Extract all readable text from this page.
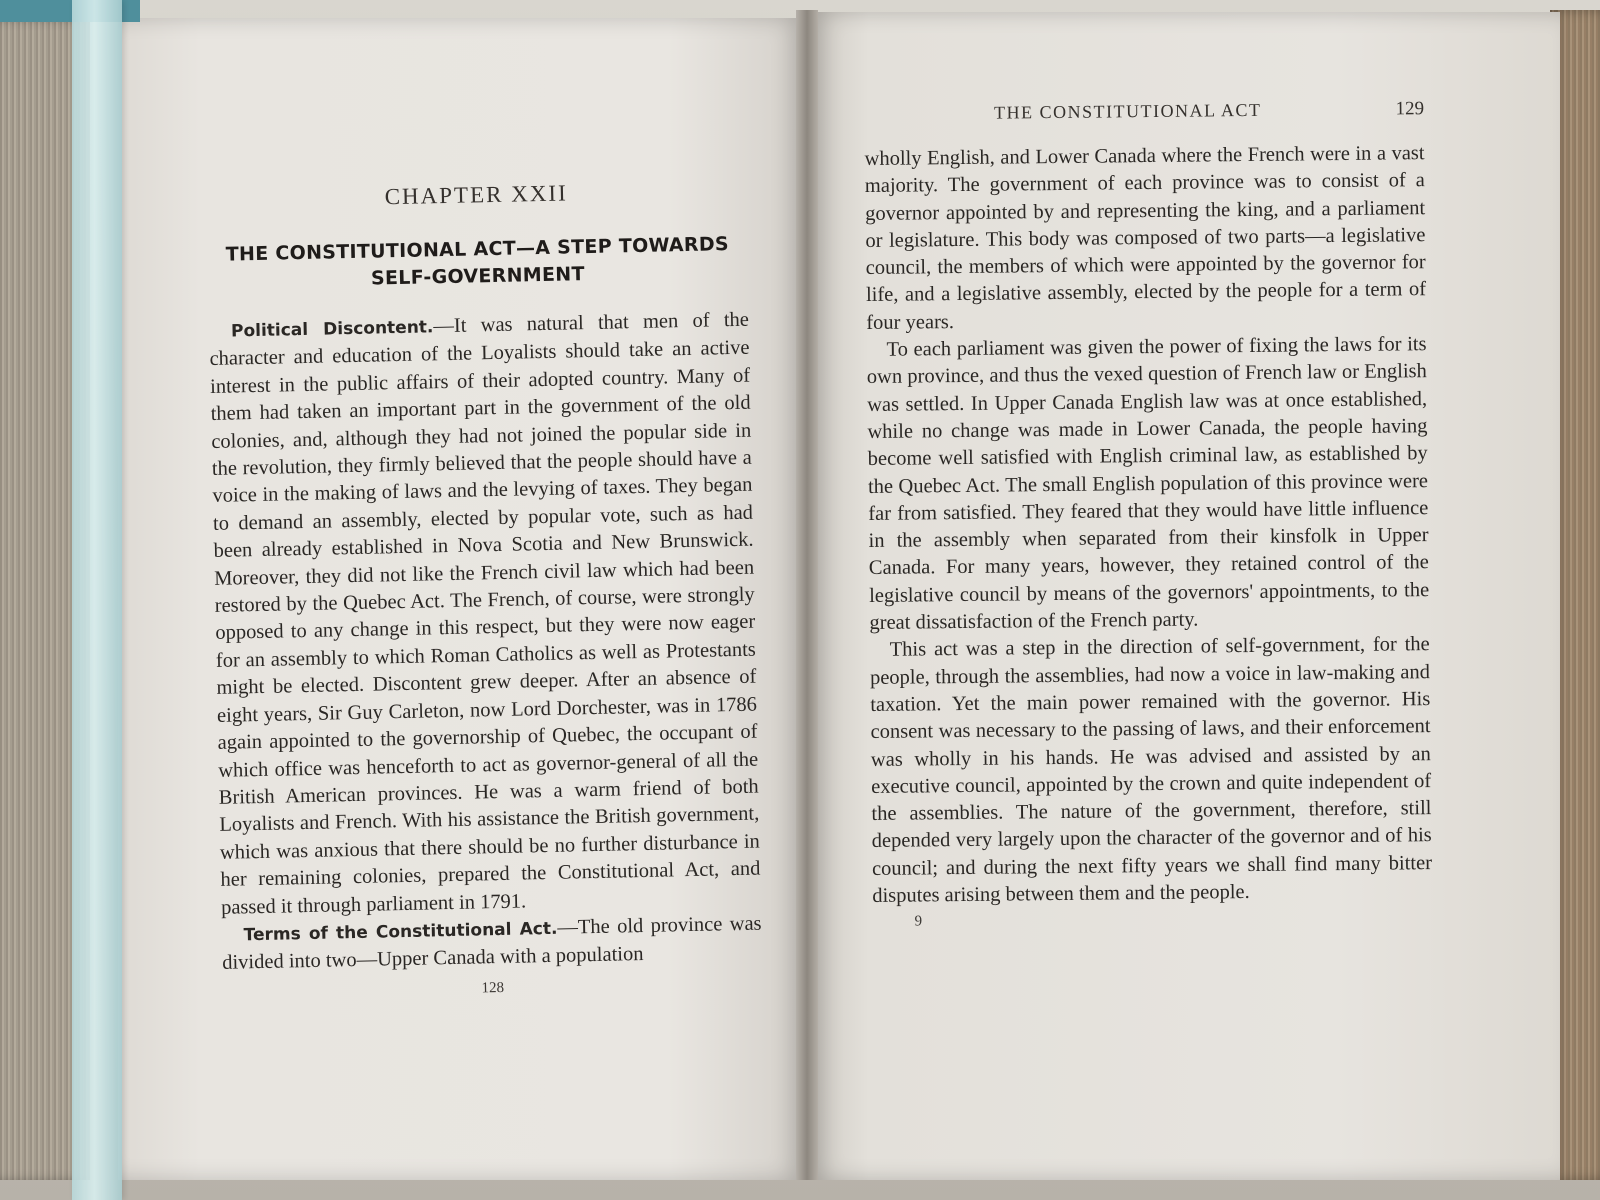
CHAPTER XXII
THE CONSTITUTIONAL ACT—A STEP TOWARDS
SELF-GOVERNMENT

Political Discontent.—It was natural that men of the character and education of the Loyalists should take an active interest in the public affairs of their adopted country. Many of them had taken an important part in the government of the old colonies, and, although they had not joined the popular side in the revolution, they firmly believed that the people should have a voice in the making of laws and the levying of taxes. They began to demand an assembly, elected by popular vote, such as had been already established in Nova Scotia and New Brunswick. Moreover, they did not like the French civil law which had been restored by the Quebec Act. The French, of course, were strongly opposed to any change in this respect, but they were now eager for an assembly to which Roman Catholics as well as Protestants might be elected. Discontent grew deeper. After an absence of eight years, Sir Guy Carleton, now Lord Dorchester, was in 1786 again appointed to the governorship of Quebec, the occupant of which office was henceforth to act as governor-general of all the British American provinces. He was a warm friend of both Loyalists and French. With his assistance the British government, which was anxious that there should be no further disturbance in her remaining colonies, prepared the Constitutional Act, and passed it through parliament in 1791.

Terms of the Constitutional Act.—The old province was divided into two—Upper Canada with a population

128
THE CONSTITUTIONAL ACT	129

wholly English, and Lower Canada where the French were in a vast majority. The government of each province was to consist of a governor appointed by and representing the king, and a parliament or legislature. This body was composed of two parts—a legislative council, the members of which were appointed by the governor for life, and a legislative assembly, elected by the people for a term of four years.

To each parliament was given the power of fixing the laws for its own province, and thus the vexed question of French law or English was settled. In Upper Canada English law was at once established, while no change was made in Lower Canada, the people having become well satisfied with English criminal law, as established by the Quebec Act. The small English population of this province were far from satisfied. They feared that they would have little influence in the assembly when separated from their kinsfolk in Upper Canada. For many years, however, they retained control of the legislative council by means of the governors' appointments, to the great dissatisfaction of the French party.

This act was a step in the direction of self-government, for the people, through the assemblies, had now a voice in law-making and taxation. Yet the main power remained with the governor. His consent was necessary to the passing of laws, and their enforcement was wholly in his hands. He was advised and assisted by an executive council, appointed by the crown and quite independent of the assemblies. The nature of the government, therefore, still depended very largely upon the character of the governor and of his council; and during the next fifty years we shall find many bitter disputes arising between them and the people.

9
